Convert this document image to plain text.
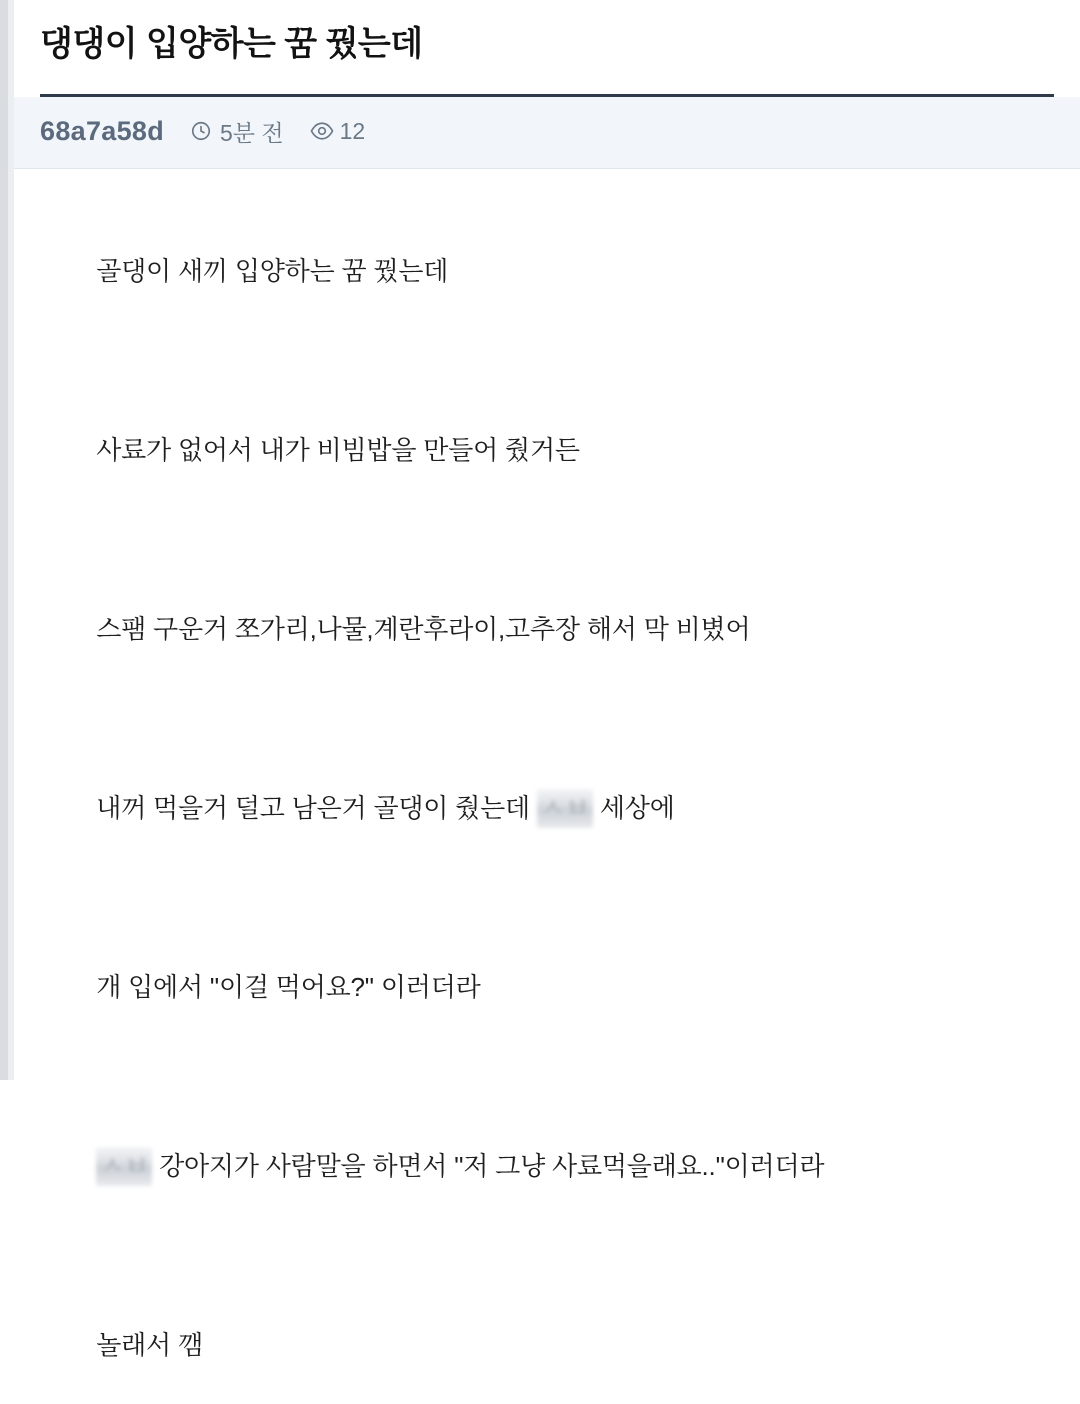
댕댕이 입양하는 꿈 꿨는데
68a7a58d 5분 전 12

골댕이 새끼 입양하는 꿈 꿨는데

사료가 없어서 내가 비빔밥을 만들어 줬거든

스팸 구운거 쪼가리,나물,계란후라이,고추장 해서 막 비볐어

내꺼 먹을거 덜고 남은거 골댕이 줬는데 ㅅㅂ 세상에

개 입에서 "이걸 먹어요?" 이러더라

ㅅㅂ 강아지가 사람말을 하면서 "저 그냥 사료먹을래요.."이러더라

놀래서 깸
